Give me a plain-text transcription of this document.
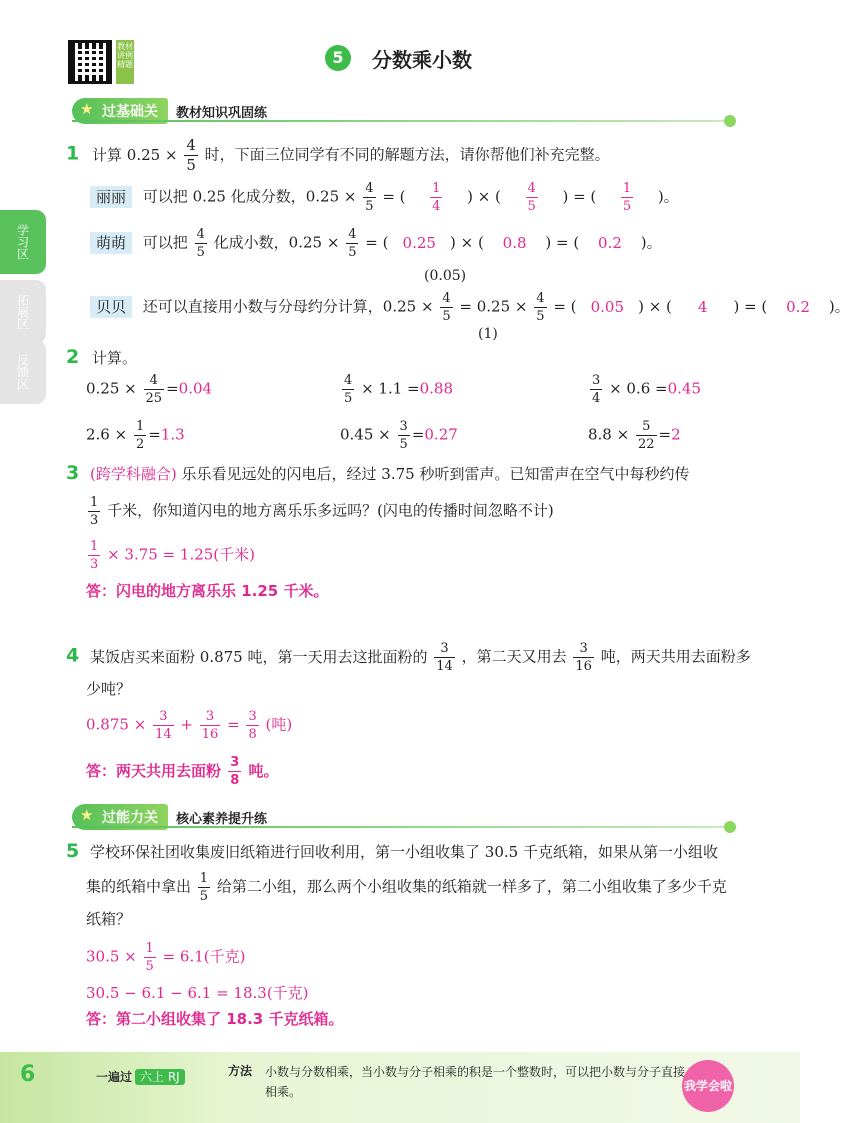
教材讲例精题	5	分数乘小数
学习区
拓展区
反馈区
★ 过基础关	教材知识巩固练
1 计算 $0.25 \times \frac{4}{5}$ 时，下面三位同学有不同的解题方法，请你帮他们补充完整。
丽丽 可以把 0.25 化成分数，$0.25 \times \frac{4}{5}$ = ( $\frac{1}{4}$ ) × ( $\frac{4}{5}$ ) = ( $\frac{1}{5}$ )。
萌萌 可以把 $\frac{4}{5}$ 化成小数，$0.25 \times \frac{4}{5}$ = ( 0.25 ) × ( 0.8 ) = ( 0.2 )。
(0.05)
贝贝 还可以直接用小数与分母约分计算，$0.25 \times \frac{4}{5} = 0.25 \times \frac{4}{5}$ = ( 0.05 ) × ( 4 ) = ( 0.2 )。
(1)
2 计算。
$0.25 \times \frac{4}{25} =0.04$	$\frac{4}{5} \times 1.1 =0.88$	$\frac{3}{4} \times 0.6 =0.45$
$2.6 \times \frac{1}{2} =1.3$	$0.45 \times \frac{3}{5} =0.27$	$8.8 \times \frac{5}{22} =2$
3 (跨学科融合) 乐乐看见远处的闪电后，经过 3.75 秒听到雷声。已知雷声在空气中每秒约传
$\frac{1}{3}$ 千米，你知道闪电的地方离乐乐多远吗？(闪电的传播时间忽略不计)
$\frac{1}{3} \times 3.75 = 1.25$(千米)
答：闪电的地方离乐乐 1.25 千米。
4 某饭店买来面粉 0.875 吨，第一天用去这批面粉的 $\frac{3}{14}$ ，第二天又用去 $\frac{3}{16}$ 吨，两天共用去面粉多
少吨？
$0.875 \times \frac{3}{14} + \frac{3}{16} = \frac{3}{8}$ (吨)
答：两天共用去面粉 $\frac{3}{8}$ 吨。
★ 过能力关	核心素养提升练
5 学校环保社团收集废旧纸箱进行回收利用，第一小组收集了 30.5 千克纸箱，如果从第一小组收
集的纸箱中拿出 $\frac{1}{5}$ 给第二小组，那么两个小组收集的纸箱就一样多了，第二小组收集了多少千克
纸箱？
$30.5 \times \frac{1}{5} = 6.1$(千克)
30.5 − 6.1 − 6.1 = 18.3(千克)
答：第二小组收集了 18.3 千克纸箱。
6	一遍过 六上 RJ	方法 小数与分数相乘，当小数与分子相乘的积是一个整数时，可以把小数与分子直接相乘。	我学会啦
